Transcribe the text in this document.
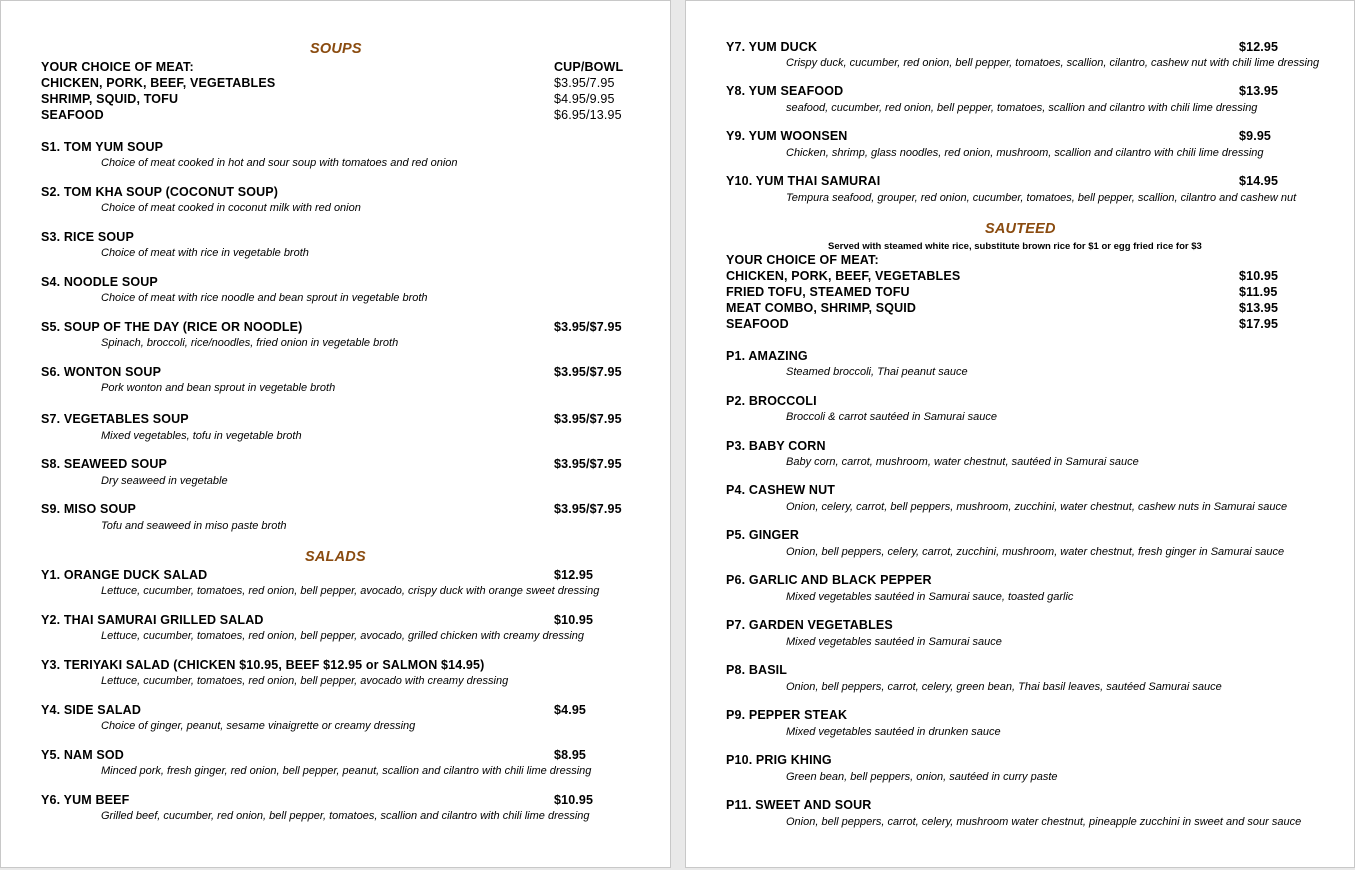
SOUPS
YOUR CHOICE OF MEAT:	CUP/BOWL
CHICKEN, PORK, BEEF, VEGETABLES	$3.95/7.95
SHRIMP, SQUID, TOFU	$4.95/9.95
SEAFOOD	$6.95/13.95
S1. TOM YUM SOUP
Choice of meat cooked in hot and sour soup with tomatoes and red onion
S2. TOM KHA SOUP (COCONUT SOUP)
Choice of meat cooked in coconut milk with red onion
S3. RICE SOUP
Choice of meat with rice in vegetable broth
S4. NOODLE SOUP
Choice of meat with rice noodle and bean sprout in vegetable broth
S5. SOUP OF THE DAY (RICE OR NOODLE)	$3.95/$7.95
Spinach, broccoli, rice/noodles, fried onion in vegetable broth
S6. WONTON SOUP	$3.95/$7.95
Pork wonton and bean sprout in vegetable broth
S7. VEGETABLES SOUP	$3.95/$7.95
Mixed vegetables, tofu in vegetable broth
S8. SEAWEED SOUP	$3.95/$7.95
Dry seaweed in vegetable
S9. MISO SOUP	$3.95/$7.95
Tofu and seaweed in miso paste broth
SALADS
Y1. ORANGE DUCK SALAD	$12.95
Lettuce, cucumber, tomatoes, red onion, bell pepper, avocado, crispy duck with orange sweet dressing
Y2. THAI SAMURAI GRILLED SALAD	$10.95
Lettuce, cucumber, tomatoes, red onion, bell pepper, avocado, grilled chicken with creamy dressing
Y3. TERIYAKI SALAD (CHICKEN $10.95, BEEF $12.95 or SALMON $14.95)
Lettuce, cucumber, tomatoes, red onion, bell pepper, avocado with creamy dressing
Y4. SIDE SALAD	$4.95
Choice of ginger, peanut, sesame vinaigrette or creamy dressing
Y5. NAM SOD	$8.95
Minced pork, fresh ginger, red onion, bell pepper, peanut, scallion and cilantro with chili lime dressing
Y6. YUM BEEF	$10.95
Grilled beef, cucumber, red onion, bell pepper, tomatoes, scallion and cilantro with chili lime dressing
Y7. YUM DUCK	$12.95
Crispy duck, cucumber, red onion, bell pepper, tomatoes, scallion, cilantro, cashew nut with chili lime dressing
Y8. YUM SEAFOOD	$13.95
seafood, cucumber, red onion, bell pepper, tomatoes, scallion and cilantro with chili lime dressing
Y9. YUM WOONSEN	$9.95
Chicken, shrimp, glass noodles, red onion, mushroom, scallion and cilantro with chili lime dressing
Y10. YUM THAI SAMURAI	$14.95
Tempura seafood, grouper, red onion, cucumber, tomatoes, bell pepper, scallion, cilantro and cashew nut
SAUTEED
Served with steamed white rice, substitute brown rice for $1 or egg fried rice for $3
YOUR CHOICE OF MEAT:
CHICKEN, PORK, BEEF, VEGETABLES	$10.95
FRIED TOFU, STEAMED TOFU	$11.95
MEAT COMBO, SHRIMP, SQUID	$13.95
SEAFOOD	$17.95
P1. AMAZING
Steamed broccoli, Thai peanut sauce
P2. BROCCOLI
Broccoli & carrot sautéed in Samurai sauce
P3. BABY CORN
Baby corn, carrot, mushroom, water chestnut, sautéed in Samurai sauce
P4. CASHEW NUT
Onion, celery, carrot, bell peppers, mushroom, zucchini, water chestnut, cashew nuts in Samurai sauce
P5. GINGER
Onion, bell peppers, celery, carrot, zucchini, mushroom, water chestnut, fresh ginger in Samurai sauce
P6. GARLIC AND BLACK PEPPER
Mixed vegetables sautéed in Samurai sauce, toasted garlic
P7. GARDEN VEGETABLES
Mixed vegetables sautéed in Samurai sauce
P8. BASIL
Onion, bell peppers, carrot, celery, green bean, Thai basil leaves, sautéed Samurai sauce
P9. PEPPER STEAK
Mixed vegetables sautéed in drunken sauce
P10. PRIG KHING
Green bean, bell peppers, onion, sautéed in curry paste
P11. SWEET AND SOUR
Onion, bell peppers, carrot, celery, mushroom water chestnut, pineapple zucchini in sweet and sour sauce
